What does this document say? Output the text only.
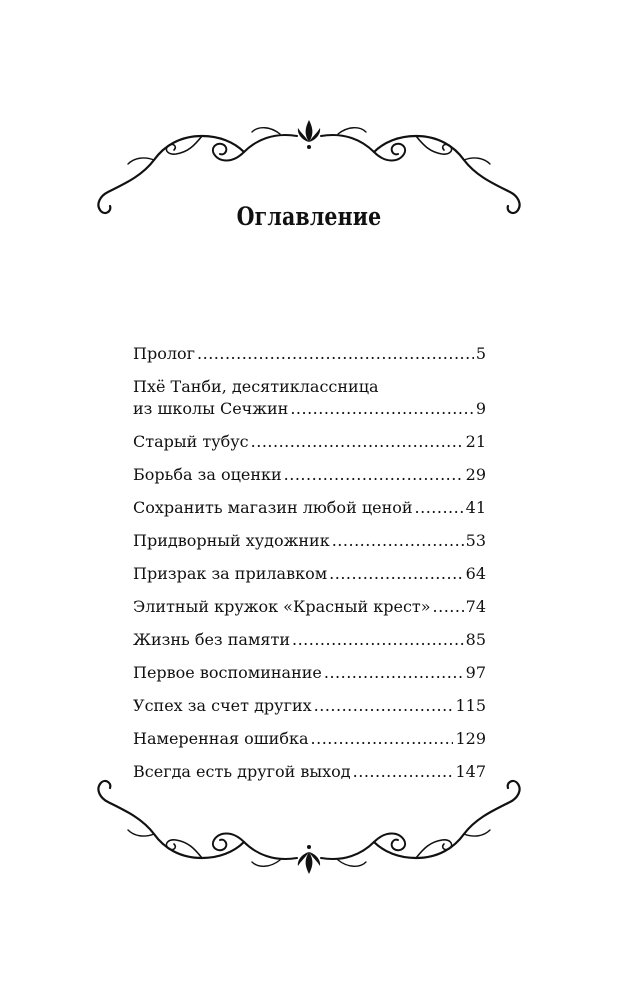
Оглавление
Пролог .....	5
Пхё Танби, десятиклассница
из школы Сечжин .....	9
Старый тубус .....	21
Борьба за оценки .....	29
Сохранить магазин любой ценой .....	41
Придворный художник .....	53
Призрак за прилавком .....	64
Элитный кружок «Красный крест» ..... 74
Жизнь без памяти .....	85
Первое воспоминание .....	97
Успех за счет других .....	115
Намеренная ошибка .....	129
Всегда есть другой выход .....	147
